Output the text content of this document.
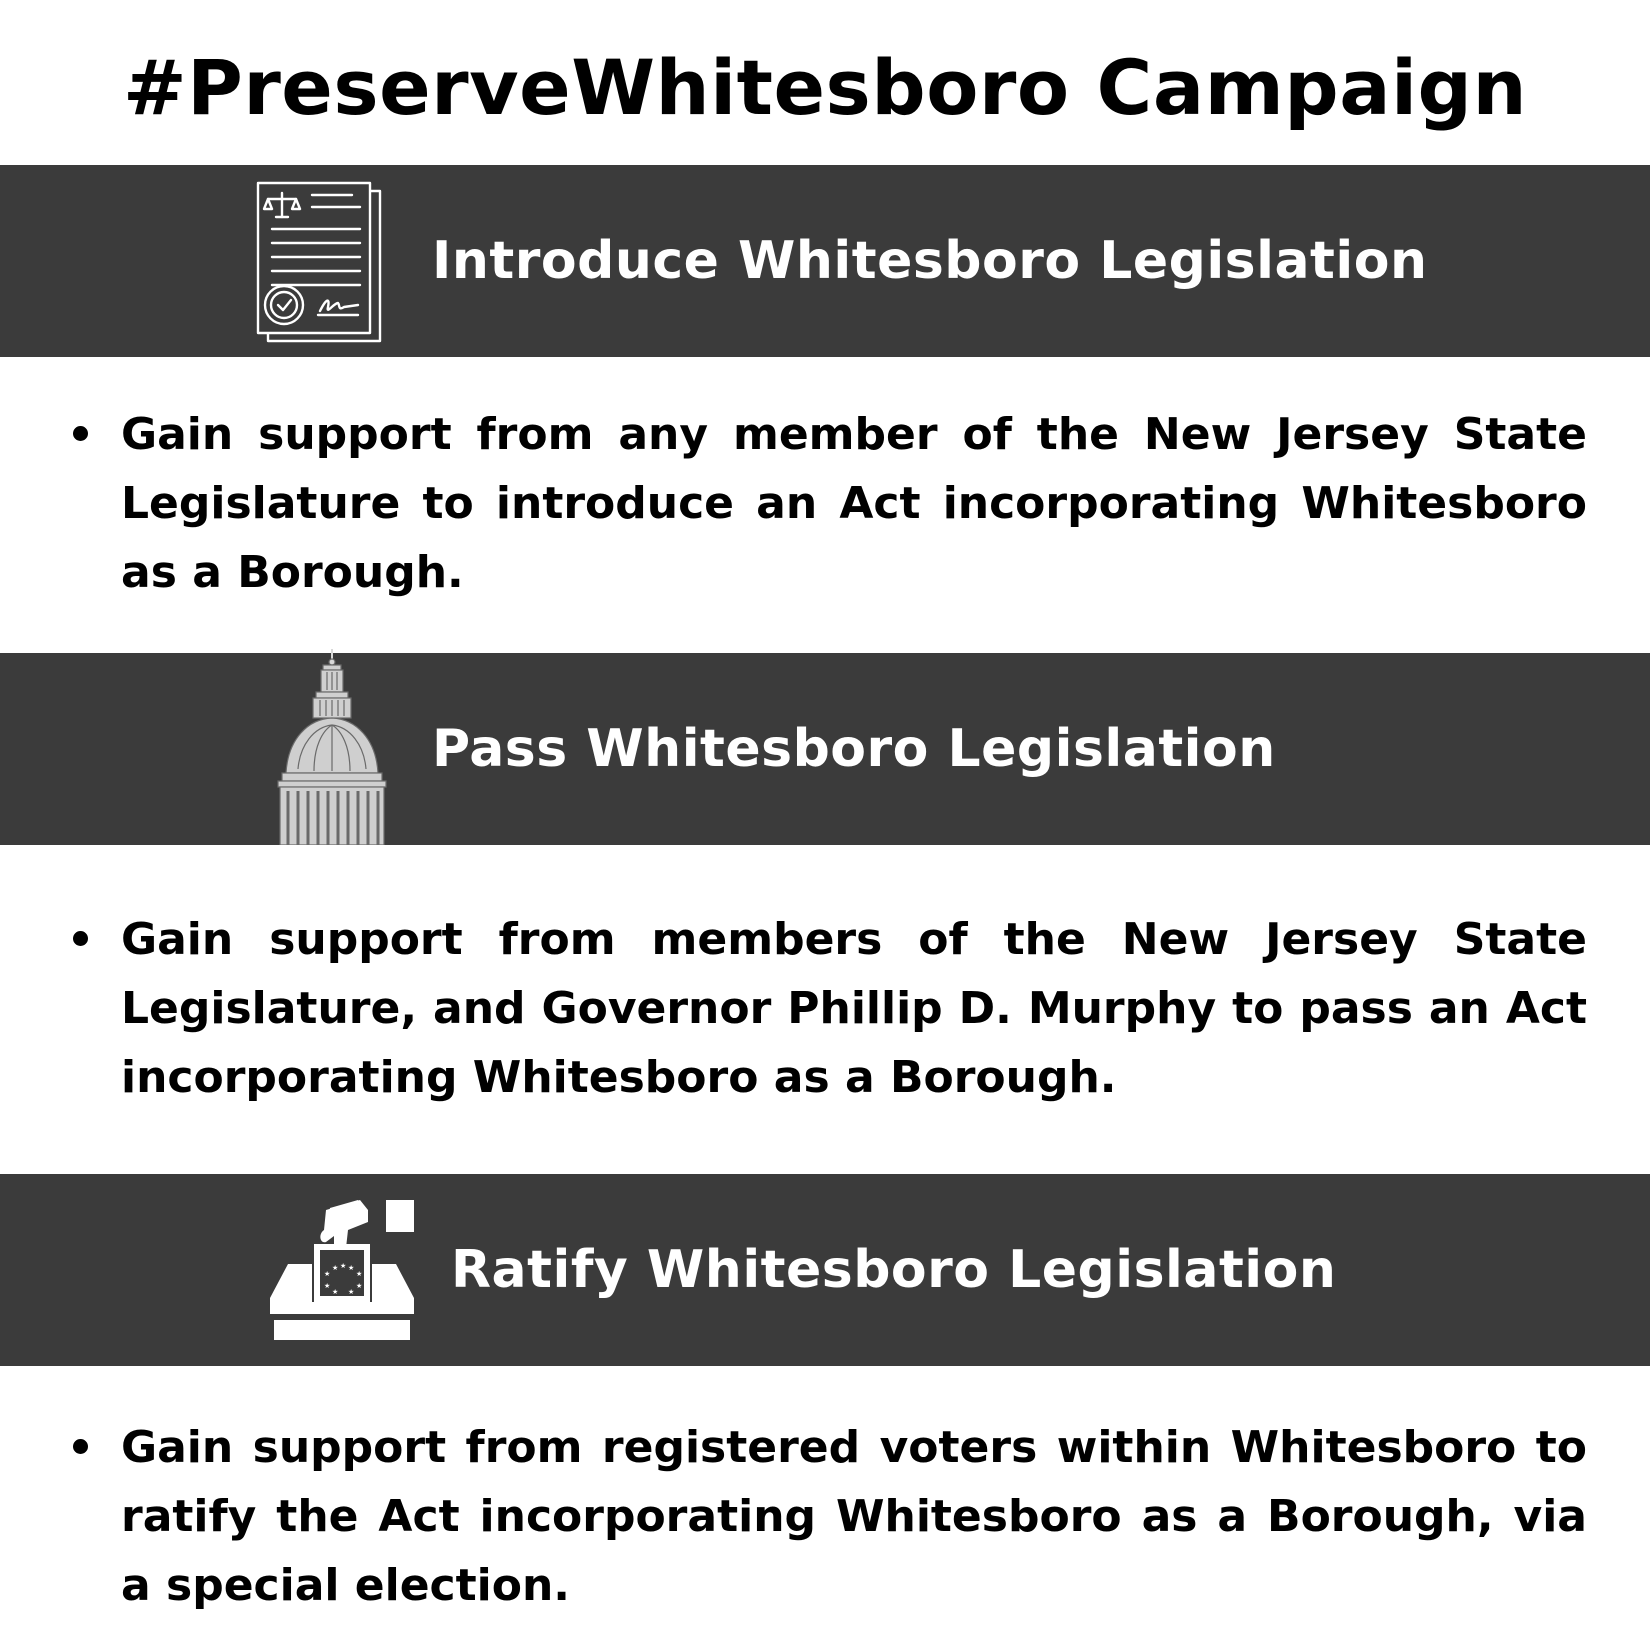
#PreserveWhitesboro Campaign
Introduce Whitesboro Legislation
Gain support from any member of the New Jersey State Legislature to introduce an Act incorporating Whitesboro as a Borough.
Pass Whitesboro Legislation
Gain support from members of the New Jersey State Legislature, and Governor Phillip D. Murphy to pass an Act incorporating Whitesboro as a Borough.
★
★ ★ ★
★
★	★
★ ★ Ratify Whitesboro Legislation
Gain support from registered voters within Whitesboro to ratify the Act incorporating Whitesboro as a Borough, via a special election.
